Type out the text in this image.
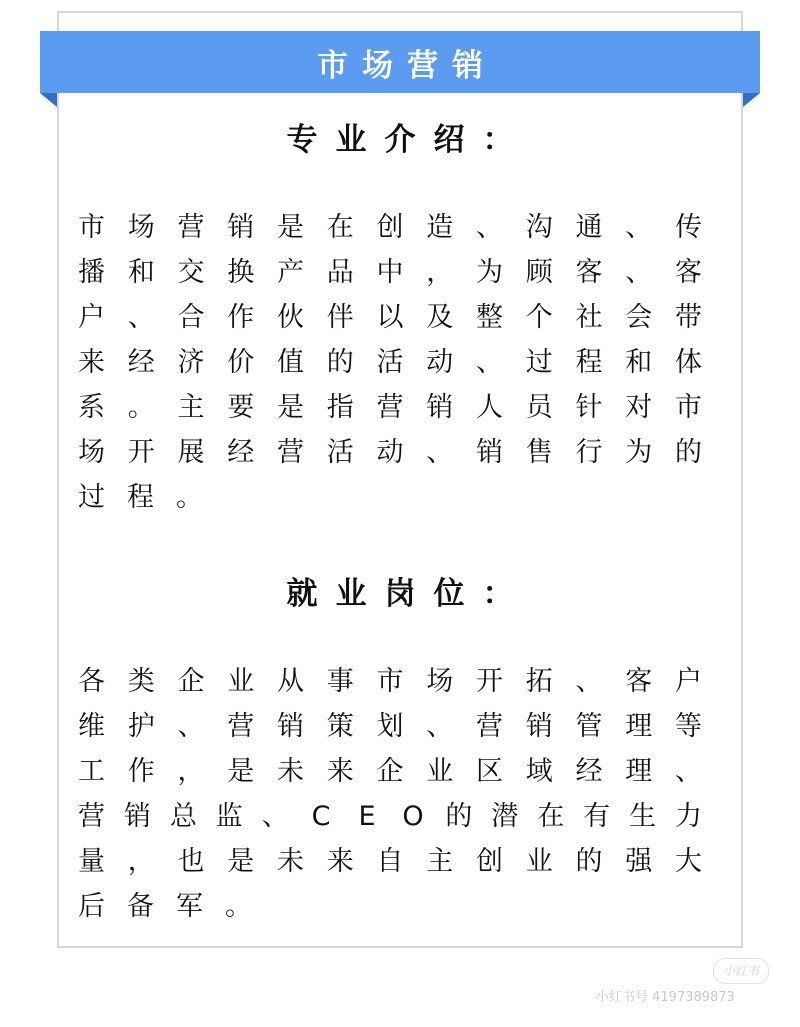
市场营销
专业介绍：
市 场 营 销 是 在 创 造 、 沟 通 、 传
播 和 交 换 产 品 中 ， 为 顾 客 、 客
户 、 合 作 伙 伴 以 及 整 个 社 会 带
来 经 济 价 值 的 活 动 、 过 程 和 体
系 。 主 要 是 指 营 销 人 员 针 对 市
场 开 展 经 营 活 动 、 销 售 行 为 的
过 程 。
就业岗位：
各 类 企 业 从 事 市 场 开 拓 、 客 户
维 护 、 营 销 策 划 、 营 销 管 理 等
工 作 ， 是 未 来 企 业 区 域 经 理 、
营 销 总 监 、 C E O 的 潜 在 有 生 力
量 ， 也 是 未 来 自 主 创 业 的 强 大
后 备 军 。
小红书
小红书号 4197389873
